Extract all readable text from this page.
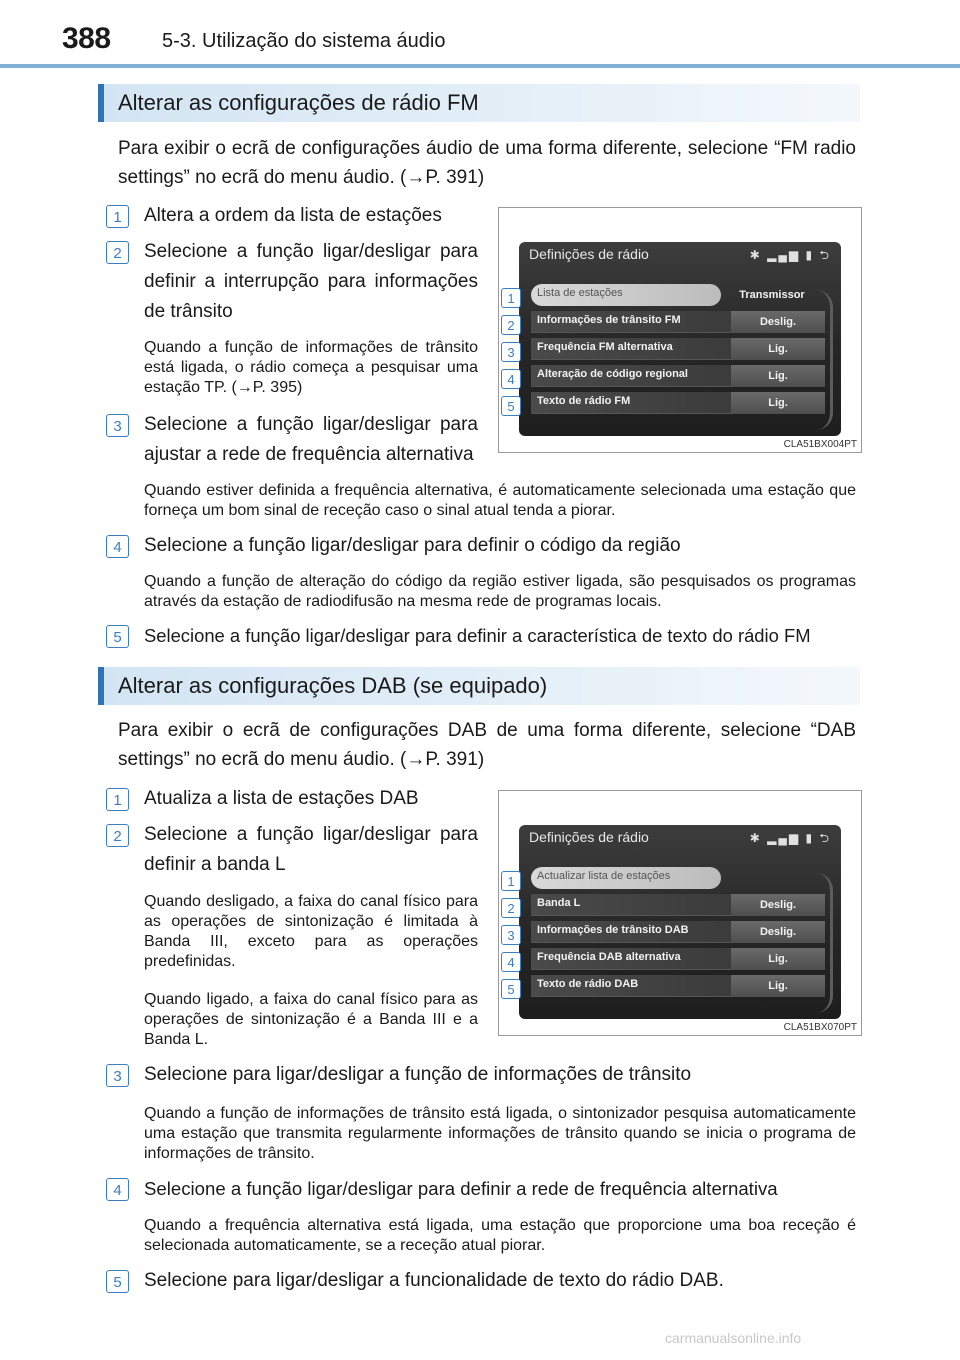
388	5-3. Utilização do sistema áudio
Alterar as configurações de rádio FM
Para exibir o ecrã de configurações áudio de uma forma diferente, selecione “FM radio settings” no ecrã do menu áudio. (→P. 391)
1	Altera a ordem da lista de estações
2	Selecione a função ligar/desligar para definir a interrupção para informações de trânsito
Quando a função de informações de trânsito está ligada, o rádio começa a pesquisar uma estação TP. (→P. 395)
3	Selecione a função ligar/desligar para ajustar a rede de frequência alternativa
Quando estiver definida a frequência alternativa, é automaticamente selecionada uma estação que forneça um bom sinal de receção caso o sinal atual tenda a piorar.
4	Selecione a função ligar/desligar para definir o código da região
Quando a função de alteração do código da região estiver ligada, são pesquisados os programas através da estação de radiodifusão na mesma rede de programas locais.
5	Selecione a função ligar/desligar para definir a característica de texto do rádio FM
Definições de rádio	✱ ▂▄▆ ▮ ⮌
Lista de estações	Transmissor
Informações de trânsito FM	Deslig.
Frequência FM alternativa	Lig.
Alteração de código regional	Lig.
Texto de rádio FM	Lig.
1
2
3
4
5
CLA51BX004PT
Alterar as configurações DAB (se equipado)
Para exibir o ecrã de configurações DAB de uma forma diferente, selecione “DAB settings” no ecrã do menu áudio. (→P. 391)
1	Atualiza a lista de estações DAB
2	Selecione a função ligar/desligar para definir a banda L
Quando desligado, a faixa do canal físico para as operações de sintonização é limitada à Banda III, exceto para as operações predefinidas.
Quando ligado, a faixa do canal físico para as operações de sintonização é a Banda III e a Banda L.
3	Selecione para ligar/desligar a função de informações de trânsito
Quando a função de informações de trânsito está ligada, o sintonizador pesquisa automaticamente uma estação que transmita regularmente informações de trânsito quando se inicia o programa de informações de trânsito.
4	Selecione a função ligar/desligar para definir a rede de frequência alternativa
Quando a frequência alternativa está ligada, uma estação que proporcione uma boa receção é selecionada automaticamente, se a receção atual piorar.
5	Selecione para ligar/desligar a funcionalidade de texto do rádio DAB.
Definições de rádio	✱ ▂▄▆ ▮ ⮌
Actualizar lista de estações
Banda L	Deslig.
Informações de trânsito DAB	Deslig.
Frequência DAB alternativa	Lig.
Texto de rádio DAB	Lig.
1
2
3
4
5
CLA51BX070PT
carmanualsonline.info
